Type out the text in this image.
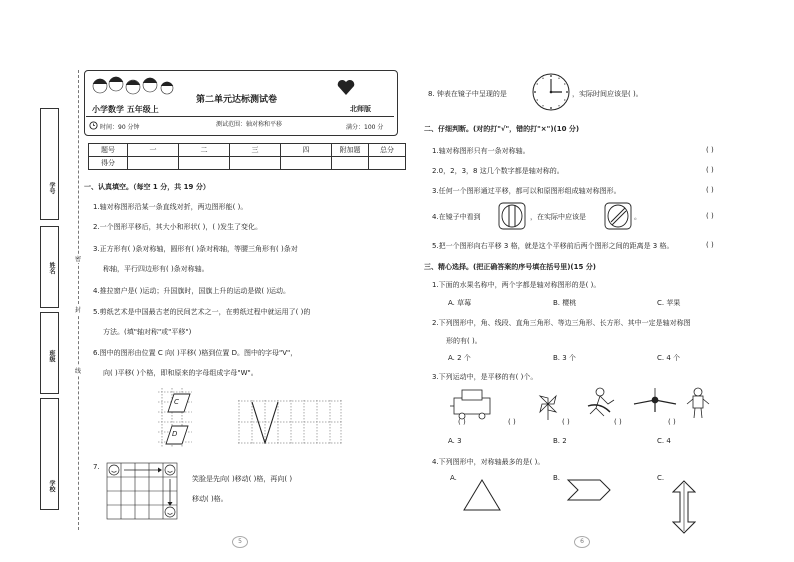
学号
姓名
班级
学校
密
封
线
小学数学 五年级上
第二单元达标测试卷
北师版
时间：90 分钟	测试范围：轴对称和平移	满分：100 分
题号	一	二	三	四	附加题	总分
得分						
一、认真填空。（每空 1 分，共 19 分）
1.轴对称图形沿某一条直线对折，两边图形能( )。
2.一个图形平移后，其大小和形状( )，( )发生了变化。
3.正方形有( )条对称轴，圆形有( )条对称轴，等腰三角形有( )条对
称轴，平行四边形有( )条对称轴。
4.推拉窗户是( )运动；升国旗时，国旗上升的运动是做( )运动。
5.剪纸艺术是中国最古老的民间艺术之一，在剪纸过程中就运用了( )的
方法。(填"轴对称"或"平移")
6.图中的图形由位置 C 向( )平移( )格到位置 D。图中的字母"V"，
向( )平移( )个格，即和原来的字母组成字母"W"。
C
D
7.
笑脸是先向( )移动( )格，再向( )
移动( )格。
5
8. 钟表在镜子中呈现的是	，实际时间应该是( )。
二、仔细判断。(对的打"√"，错的打"×")(10 分)
1.轴对称图形只有一条对称轴。	( )
2.0，2，3，8 这几个数字都是轴对称的。	( )
3.任何一个图形通过平移，都可以和原图形组成轴对称图形。	( )
4.在镜子中看到	，在实际中应该是	。	( )
5.把一个图形向右平移 3 格，就是这个平移前后两个图形之间的距离是 3 格。	( )
三、精心选择。(把正确答案的序号填在括号里)(15 分)
1.下面的水果名称中，两个字都是轴对称图形的是( )。
A. 草莓	B. 樱桃	C. 苹果
2.下列图形中，角、线段、直角三角形、等边三角形、长方形、其中一定是轴对称图
形的有( )。
A. 2 个	B. 3 个	C. 4 个
3.下列运动中，是平移的有( )个。
( )	( )	( )	( )	( )
A. 3	B. 2	C. 4
4.下列图形中，对称轴最多的是( )。
A.	B.	C.
6
